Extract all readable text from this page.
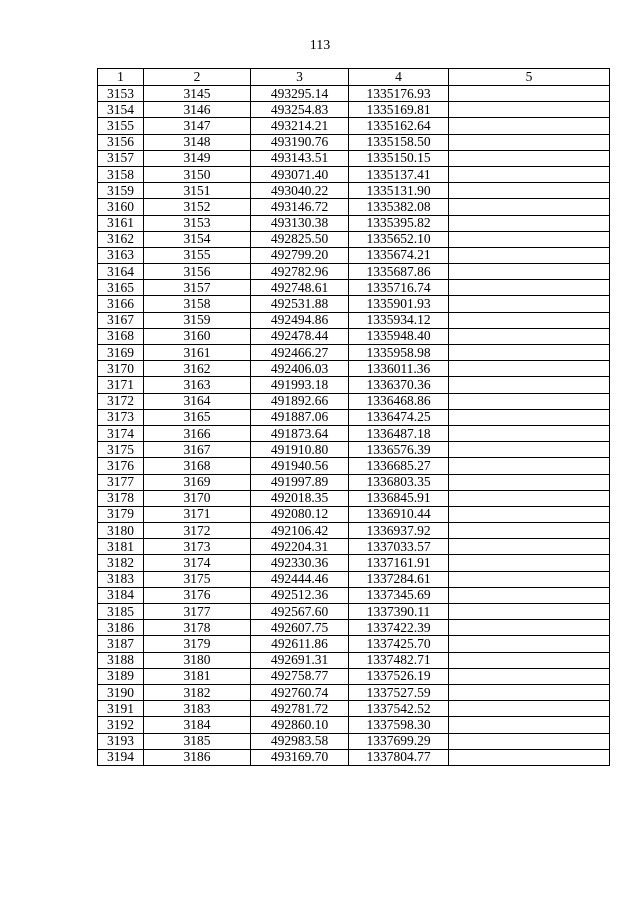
113
1	2	3	4	5
3153	3145	493295.14	1335176.93	
3154	3146	493254.83	1335169.81	
3155	3147	493214.21	1335162.64	
3156	3148	493190.76	1335158.50	
3157	3149	493143.51	1335150.15	
3158	3150	493071.40	1335137.41	
3159	3151	493040.22	1335131.90	
3160	3152	493146.72	1335382.08	
3161	3153	493130.38	1335395.82	
3162	3154	492825.50	1335652.10	
3163	3155	492799.20	1335674.21	
3164	3156	492782.96	1335687.86	
3165	3157	492748.61	1335716.74	
3166	3158	492531.88	1335901.93	
3167	3159	492494.86	1335934.12	
3168	3160	492478.44	1335948.40	
3169	3161	492466.27	1335958.98	
3170	3162	492406.03	1336011.36	
3171	3163	491993.18	1336370.36	
3172	3164	491892.66	1336468.86	
3173	3165	491887.06	1336474.25	
3174	3166	491873.64	1336487.18	
3175	3167	491910.80	1336576.39	
3176	3168	491940.56	1336685.27	
3177	3169	491997.89	1336803.35	
3178	3170	492018.35	1336845.91	
3179	3171	492080.12	1336910.44	
3180	3172	492106.42	1336937.92	
3181	3173	492204.31	1337033.57	
3182	3174	492330.36	1337161.91	
3183	3175	492444.46	1337284.61	
3184	3176	492512.36	1337345.69	
3185	3177	492567.60	1337390.11	
3186	3178	492607.75	1337422.39	
3187	3179	492611.86	1337425.70	
3188	3180	492691.31	1337482.71	
3189	3181	492758.77	1337526.19	
3190	3182	492760.74	1337527.59	
3191	3183	492781.72	1337542.52	
3192	3184	492860.10	1337598.30	
3193	3185	492983.58	1337699.29	
3194	3186	493169.70	1337804.77	
